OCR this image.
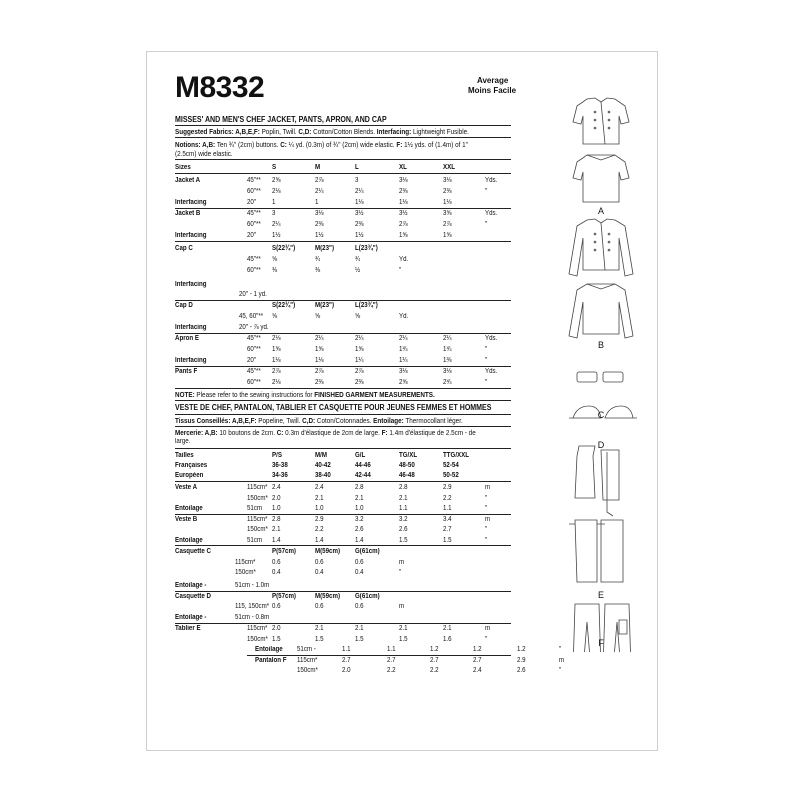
M8332	Average
Moins Facile
MISSES' AND MEN'S CHEF JACKET, PANTS, APRON, AND CAP
Suggested Fabrics: A,B,E,F: Poplin, Twill. C,D: Cotton/Cotton Blends. Interfacing: Lightweight Fusible.
Notions: A,B: Ten ¾" (2cm) buttons. C: ¼ yd. (0.3m) of ¾" (2cm) wide elastic. F: 1½ yds. of (1.4m) of 1"
(2.5cm) wide elastic.
A
B
C
D
E
F
Sizes	S	M	L	XL	XXL
Jacket A	45"** 2⅝	2⅞	3	3⅛	3⅛	Yds.
60"** 2⅛	2¼	2¼	2⅜	2⅜	"
Interfacing	20" 1	1	1⅛	1⅛	1⅛
Jacket B	45"** 3	3⅛	3½	3½	3⅝	Yds.
60"** 2¼	2⅜	2⅜	2⅞	2⅞	"
Interfacing	20" 1½	1½	1½	1⅝	1⅝
Cap C	S(22¾")	M(23")	L(23¾")
45"** ⅝	¾	¾	Yd.
60"** ⅜	⅜	½	"
Interfacing
20" - 1 yd.
Cap D	S(22¾")	M(23")	L(23¾")
45, 60"** ⅝	⅝	⅝	Yd.
Interfacing	20" - ⅞ yd.
Apron E	45"** 2⅛	2¼	2¼	2¼	2¼	Yds.
60"** 1⅝	1⅝	1⅝	1¾	1¾	"
Interfacing	20" 1⅛	1⅛	1¼	1¼	1⅜	"
Pants F	45"** 2⅞	2⅞	2⅞	3⅛	3⅛	Yds.
60"** 2⅛	2⅜	2⅜	2⅝	2¾	"
NOTE: Please refer to the sewing instructions for FINISHED GARMENT MEASUREMENTS.
VESTE DE CHEF, PANTALON, TABLIER ET CASQUETTE POUR JEUNES FEMMES ET HOMMES
Tissus Conseillés: A,B,E,F: Popeline, Twill. C,D: Coton/Cotonnades. Entoilage: Thermocollant léger.
Mercerie: A,B: 10 boutons de 2cm. C: 0.3m d'élastique de 2cm de large. F: 1.4m d'élastique de 2.5cm - de
large.
Tailles	P/S	M/M	G/L	TG/XL	TTG/XXL
Françaises	36-38	40-42	44-46	48-50	52-54
Européen	34-36	38-40	42-44	46-48	50-52
Veste A	115cm* 2.4	2.4	2.8	2.8	2.9	m
150cm* 2.0	2.1	2.1	2.1	2.2	"
Entoilage	51cm 1.0	1.0	1.0	1.1	1.1	"
Veste B	115cm* 2.8	2.9	3.2	3.2	3.4	m
150cm* 2.1	2.2	2.6	2.6	2.7	"
Entoilage	51cm 1.4	1.4	1.4	1.5	1.5	"
Casquette C	P(57cm)	M(59cm) G(61cm)
115cm* 0.6	0.6	0.6	m
150cm* 0.4	0.4	0.4	"
Entoilage -	51cm - 1.0m
Casquette D	P(57cm)	M(59cm) G(61cm)
115, 150cm* 0.6	0.6	0.6	m
Entoilage -	51cm - 0.8m
Tablier E	115cm* 2.0	2.1	2.1	2.1	2.1	m
150cm* 1.5	1.5	1.5	1.5	1.6	"
Entoilage 51cm -	1.1	1.1	1.2	1.2	1.2	"
Pantalon F 115cm*	2.7	2.7	2.7	2.7	2.9	m
150cm*	2.0	2.2	2.2	2.4	2.6	"
